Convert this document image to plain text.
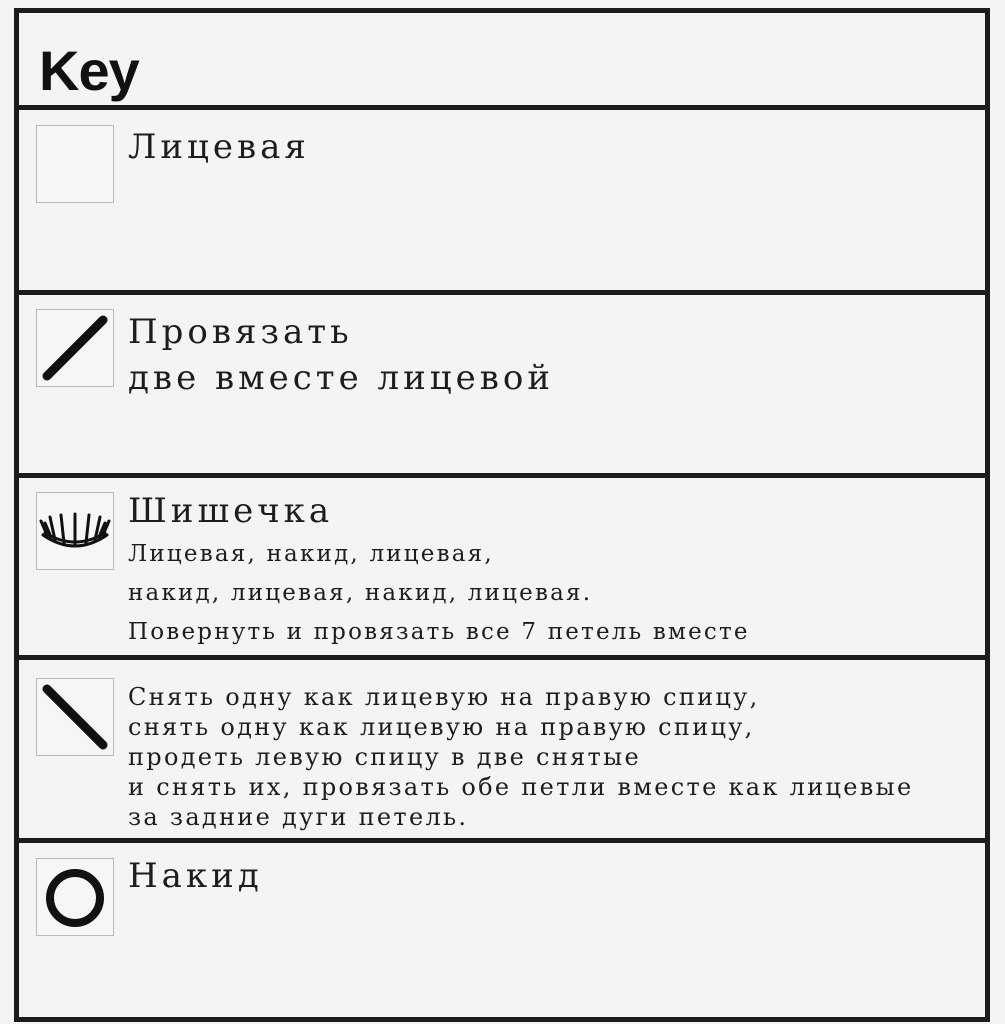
Key
Лицевая
Провязать
две вместе лицевой
Шишечка
Лицевая, накид, лицевая,
накид, лицевая, накид, лицевая.
Повернуть и провязать все 7 петель вместе
Снять одну как лицевую на правую спицу,
снять одну как лицевую на правую спицу,
продеть левую спицу в две снятые
и снять их, провязать обе петли вместе как лицевые
за задние дуги петель.
Накид
